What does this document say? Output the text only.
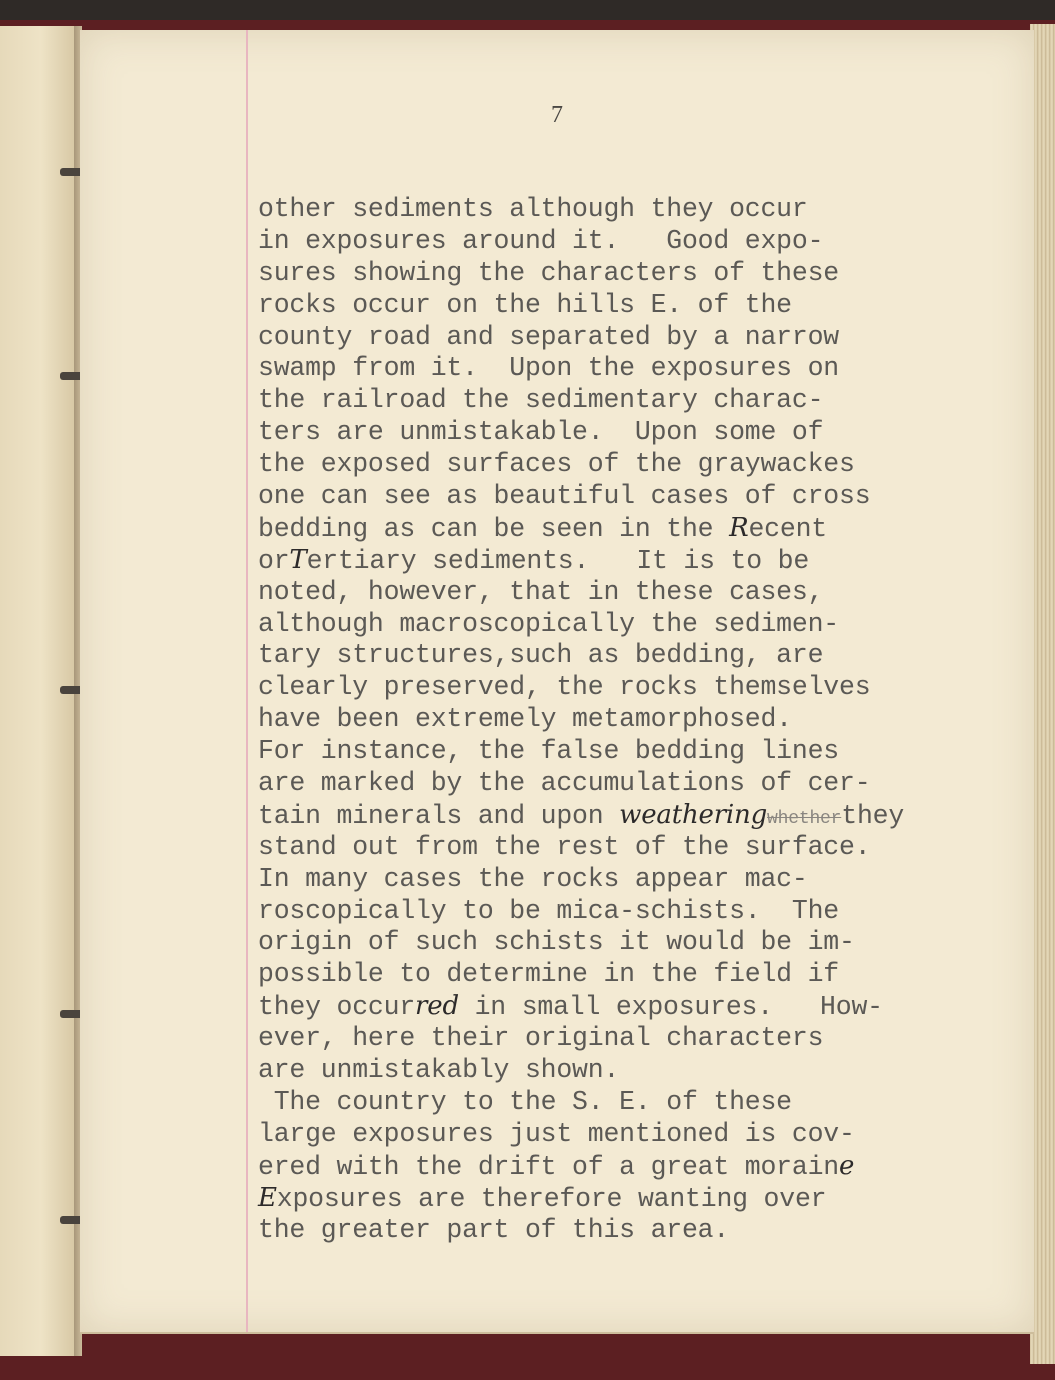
7
other sediments although they occur
in exposures around it.   Good expo-
sures showing the characters of these
rocks occur on the hills E. of the
county road and separated by a narrow
swamp from it.  Upon the exposures on
the railroad the sedimentary charac-
ters are unmistakable.  Upon some of
the exposed surfaces of the graywackes
one can see as beautiful cases of cross
bedding as can be seen in the Recent
orTertiary sediments.   It is to be
noted, however, that in these cases,
although macroscopically the sedimen-
tary structures,such as bedding, are
clearly preserved, the rocks themselves
have been extremely metamorphosed.
For instance, the false bedding lines
are marked by the accumulations of cer-
tain minerals and upon weatheringwhetherthey
stand out from the rest of the surface.
In many cases the rocks appear mac-
roscopically to be mica-schists.  The
origin of such schists it would be im-
possible to determine in the field if
they occurred in small exposures.   How-
ever, here their original characters
are unmistakably shown.
The country to the S. E. of these
large exposures just mentioned is cov-
ered with the drift of a great moraine
Exposures are therefore wanting over
the greater part of this area.
